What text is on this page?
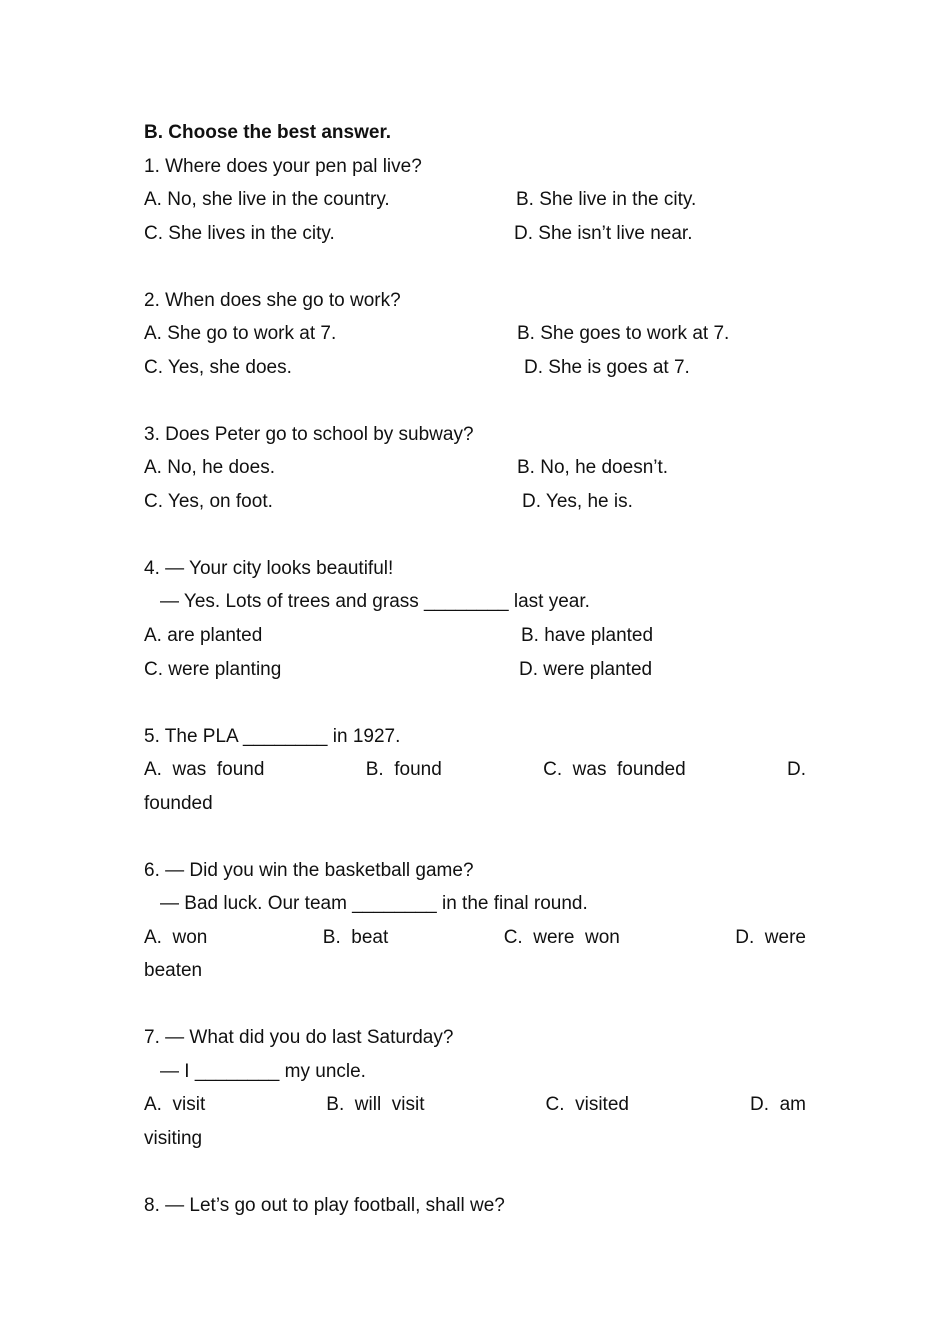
B. Choose the best answer.
1. Where does your pen pal live?
A. No, she live in the country.	B. She live in the city.
C. She lives in the city.	D. She isn’t live near.
2. When does she go to work?
A. She go to work at 7.	B. She goes to work at 7.
C. Yes, she does.	D. She is goes at 7.
3. Does Peter go to school by subway?
A. No, he does.	B. No, he doesn’t.
C. Yes, on foot.	D. Yes, he is.
4. — Your city looks beautiful!
— Yes. Lots of trees and grass ________ last year.
A. are planted	B. have planted
C. were planting	D. were planted
5. The PLA ________ in 1927.
A.  was  found	B.  found	C.  was  founded	D.
founded
6. — Did you win the basketball game?
— Bad luck. Our team ________ in the final round.
A.  won	B.  beat	C.  were  won	D.  were
beaten
7. — What did you do last Saturday?
— I ________ my uncle.
A.  visit	B.  will  visit	C.  visited	D.  am
visiting
8. — Let’s go out to play football, shall we?
